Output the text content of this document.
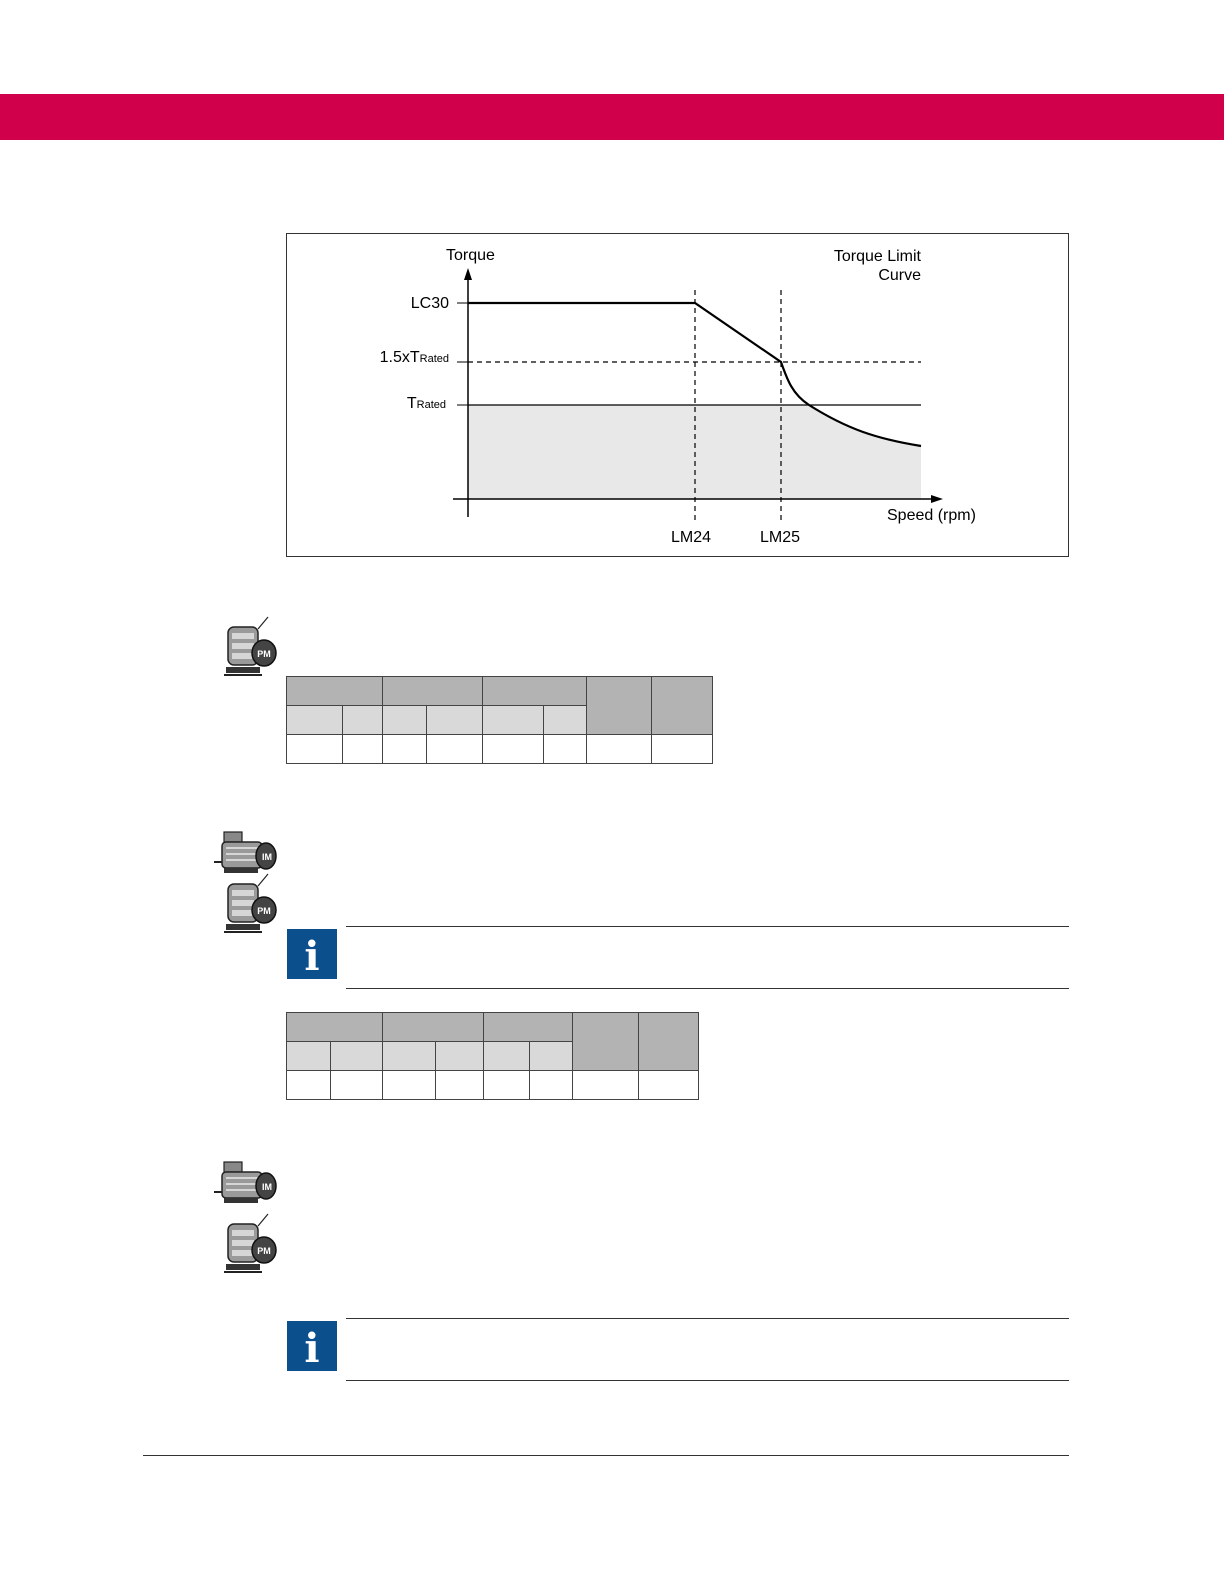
Torque	Torque Limit
Curve
LC30
1.5xTRated
TRated
Speed (rpm)
LM24	LM25
PM

IM
PM
i

IM
PM
i
